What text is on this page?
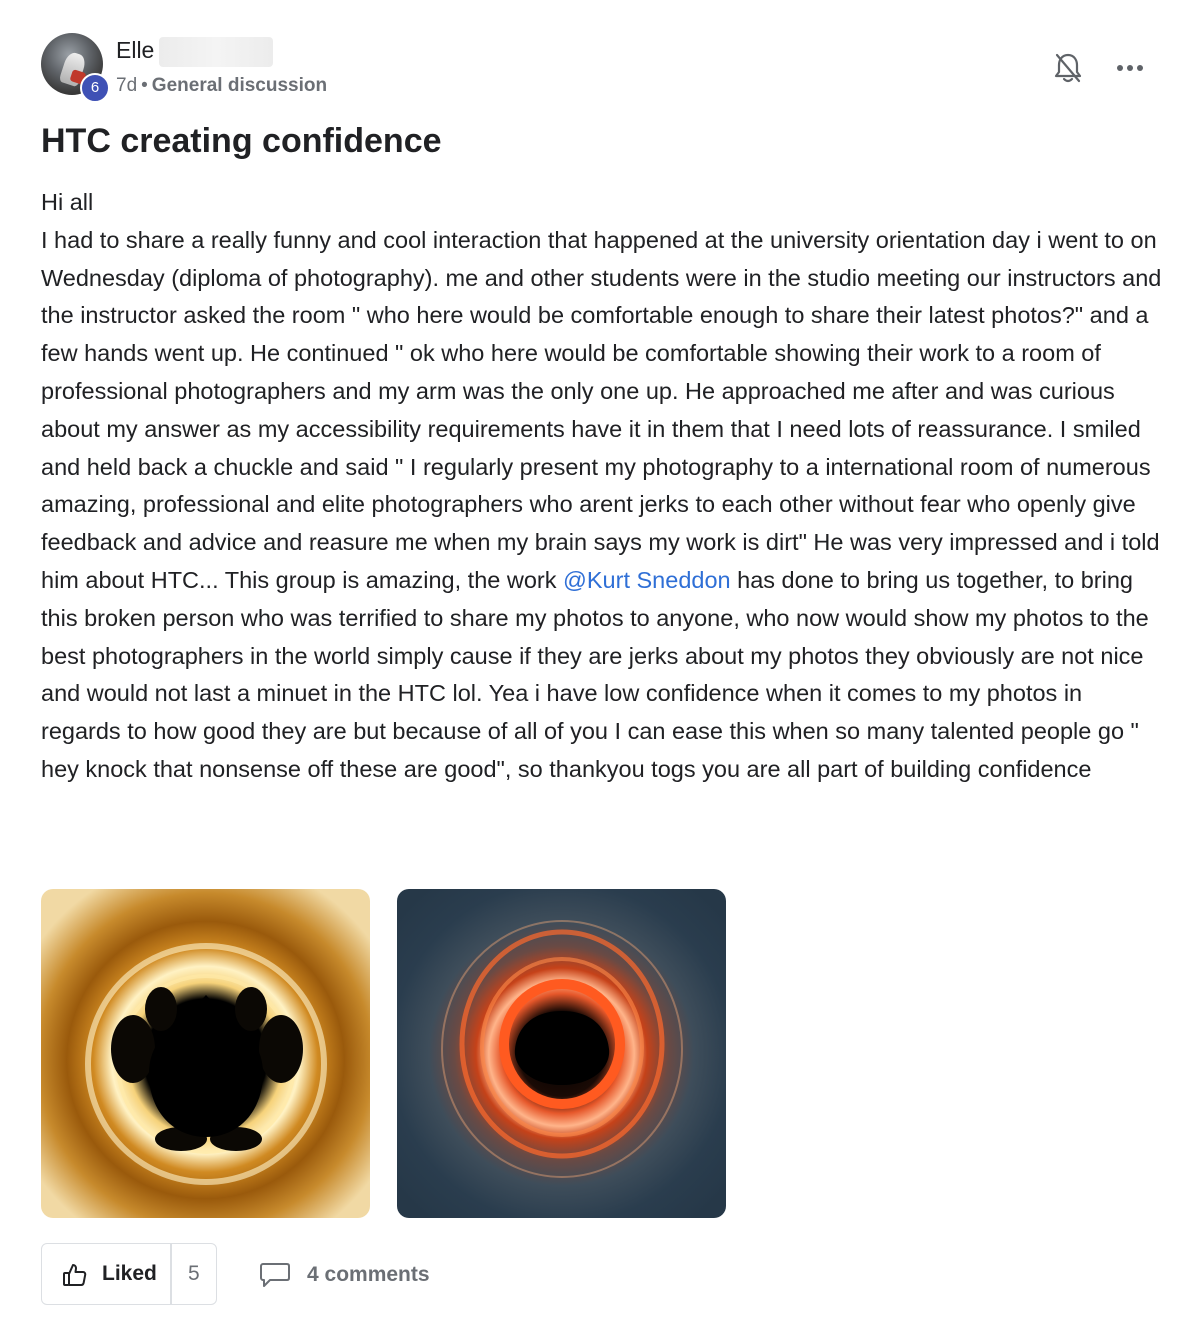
6
Elle
7d • General discussion
HTC creating confidence

Hi all

I had to share a really funny and cool interaction that happened at the university orientation day i went to on Wednesday (diploma of photography). me and other students were in the studio meeting our instructors and the instructor asked the room " who here would be comfortable enough to share their latest photos?" and a few hands went up. He continued " ok who here would be comfortable showing their work to a room of professional photographers and my arm was the only one up. He approached me after and was curious about my answer as my accessibility requirements have it in them that I need lots of reassurance. I smiled and held back a chuckle and said " I regularly present my photography to a international room of numerous amazing, professional and elite photographers who arent jerks to each other without fear who openly give feedback and advice and reasure me when my brain says my work is dirt" He was very impressed and i told him about HTC... This group is amazing, the work @Kurt Sneddon has done to bring us together, to bring this broken person who was terrified to share my photos to anyone, who now would show my photos to the best photographers in the world simply cause if they are jerks about my photos they obviously are not nice and would not last a minuet in the HTC lol. Yea i have low confidence when it comes to my photos in regards to how good they are but because of all of you I can ease this when so many talented people go " hey knock that nonsense off these are good", so thankyou togs you are all part of building confidence

Liked 5	4 comments
